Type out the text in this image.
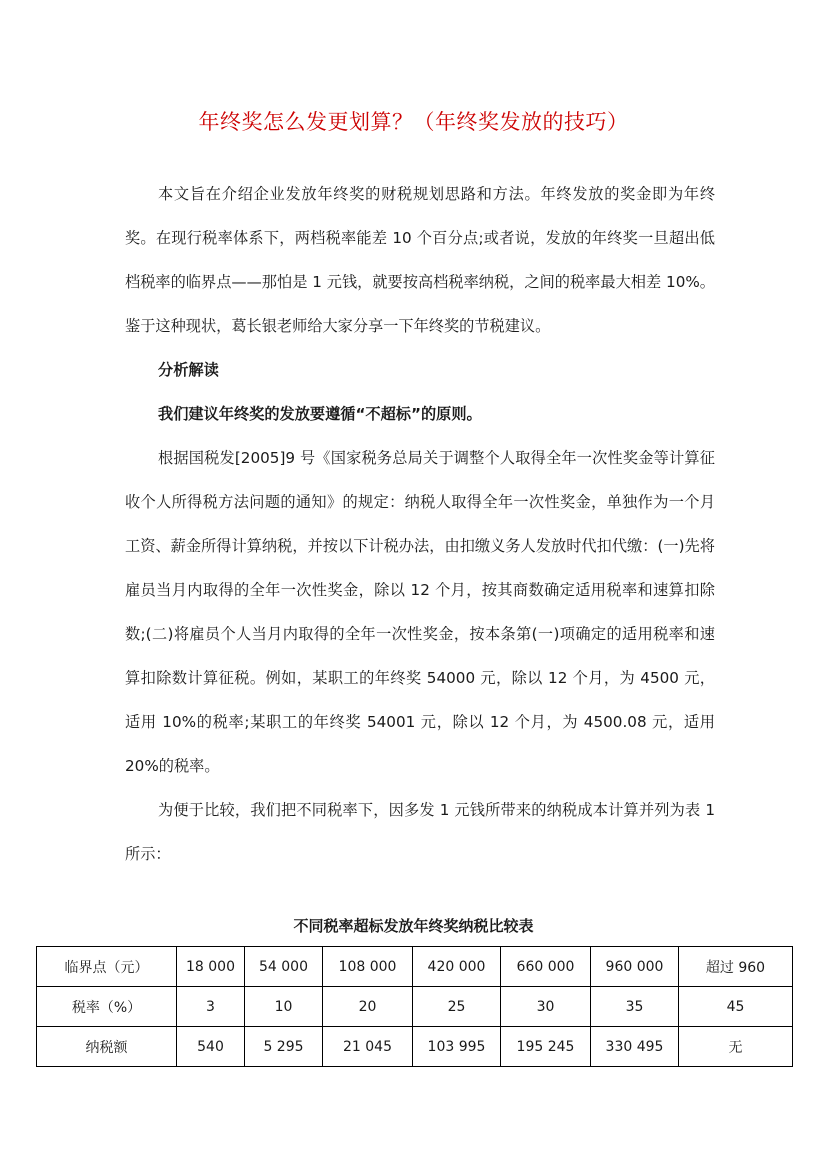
年终奖怎么发更划算？（年终奖发放的技巧）

本文旨在介绍企业发放年终奖的财税规划思路和方法。年终发放的奖金即为年终奖。在现行税率体系下，两档税率能差 10 个百分点;或者说，发放的年终奖一旦超出低档税率的临界点——那怕是 1 元钱，就要按高档税率纳税，之间的税率最大相差 10%。鉴于这种现状，葛长银老师给大家分享一下年终奖的节税建议。

分析解读

我们建议年终奖的发放要遵循“不超标”的原则。

根据国税发[2005]9 号《国家税务总局关于调整个人取得全年一次性奖金等计算征收个人所得税方法问题的通知》的规定：纳税人取得全年一次性奖金，单独作为一个月工资、薪金所得计算纳税，并按以下计税办法，由扣缴义务人发放时代扣代缴：(一)先将雇员当月内取得的全年一次性奖金，除以 12 个月，按其商数确定适用税率和速算扣除数;(二)将雇员个人当月内取得的全年一次性奖金，按本条第(一)项确定的适用税率和速算扣除数计算征税。例如，某职工的年终奖 54000 元，除以 12 个月，为 4500 元，适用 10%的税率;某职工的年终奖 54001 元，除以 12 个月，为 4500.08 元，适用 20%的税率。

为便于比较，我们把不同税率下，因多发 1 元钱所带来的纳税成本计算并列为表 1 所示：

不同税率超标发放年终奖纳税比较表
临界点（元）	18 000	54 000	108 000	420 000	660 000	960 000	超过 960
税率（%）	3	10	20	25	30	35	45
纳税额	540	5 295	21 045	103 995	195 245	330 495	无
